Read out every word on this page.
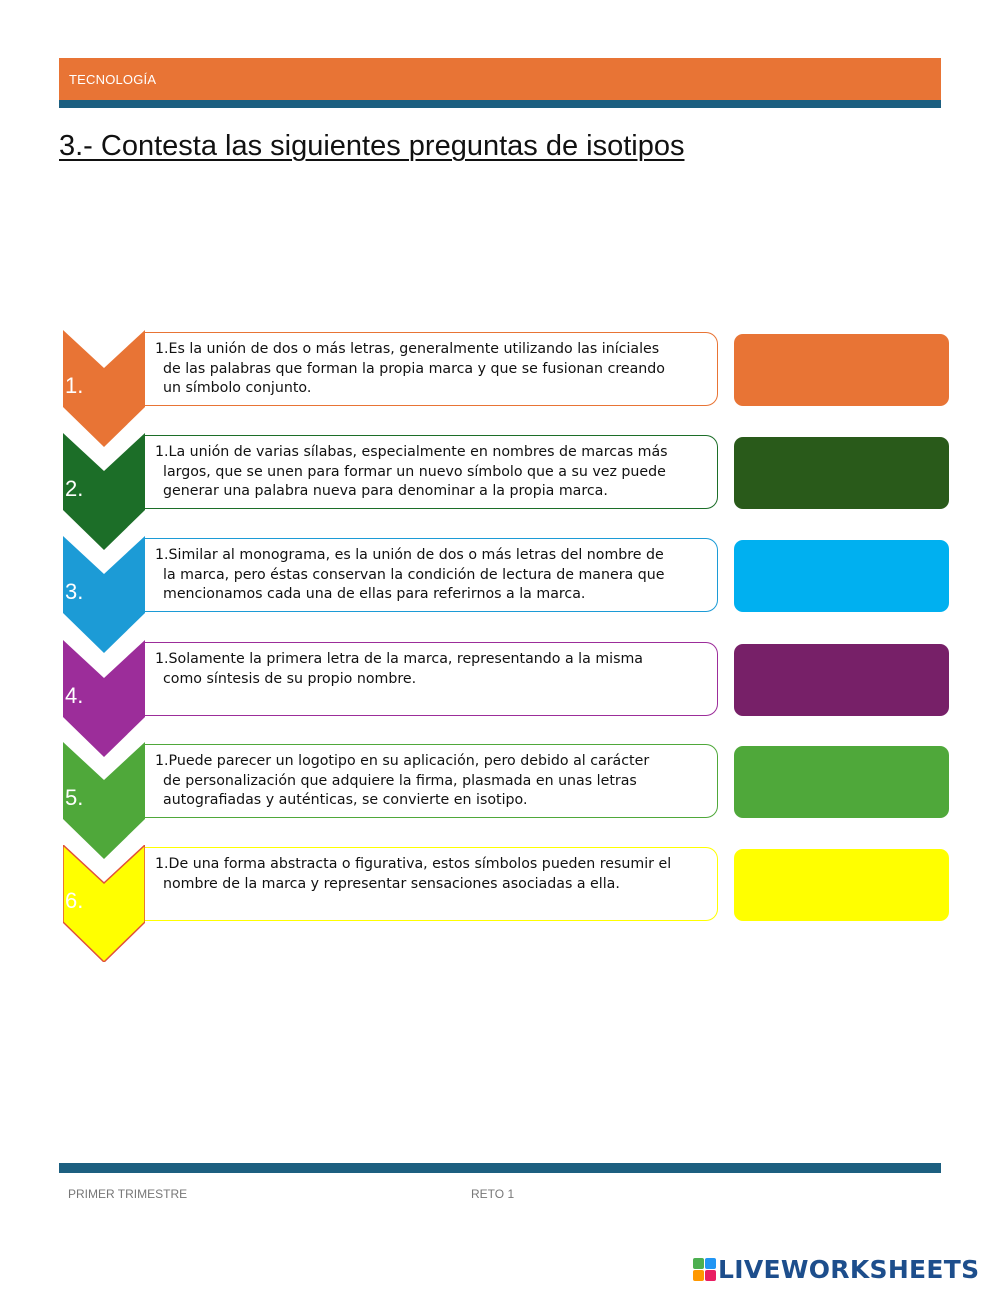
TECNOLOGÍA
3.- Contesta las siguientes preguntas de isotipos
1.
1.Es la unión de dos o más letras, generalmente utilizando las iníciales
de las palabras que forman la propia marca y que se fusionan creando
un símbolo conjunto.
2.
1.La unión de varias sílabas, especialmente en nombres de marcas más
largos, que se unen para formar un nuevo símbolo que a su vez puede
generar una palabra nueva para denominar a la propia marca.
3.
1.Similar al monograma, es la unión de dos o más letras del nombre de
la marca, pero éstas conservan la condición de lectura de manera que
mencionamos cada una de ellas para referirnos a la marca.
4.
1.Solamente la primera letra de la marca, representando a la misma
como síntesis de su propio nombre.
5.
1.Puede parecer un logotipo en su aplicación, pero debido al carácter
de personalización que adquiere la firma, plasmada en unas letras
autografiadas y auténticas, se convierte en isotipo.
6.
1.De una forma abstracta o figurativa, estos símbolos pueden resumir el
nombre de la marca y representar sensaciones asociadas a ella.
PRIMER TRIMESTRE	RETO 1
LIVEWORKSHEETS
